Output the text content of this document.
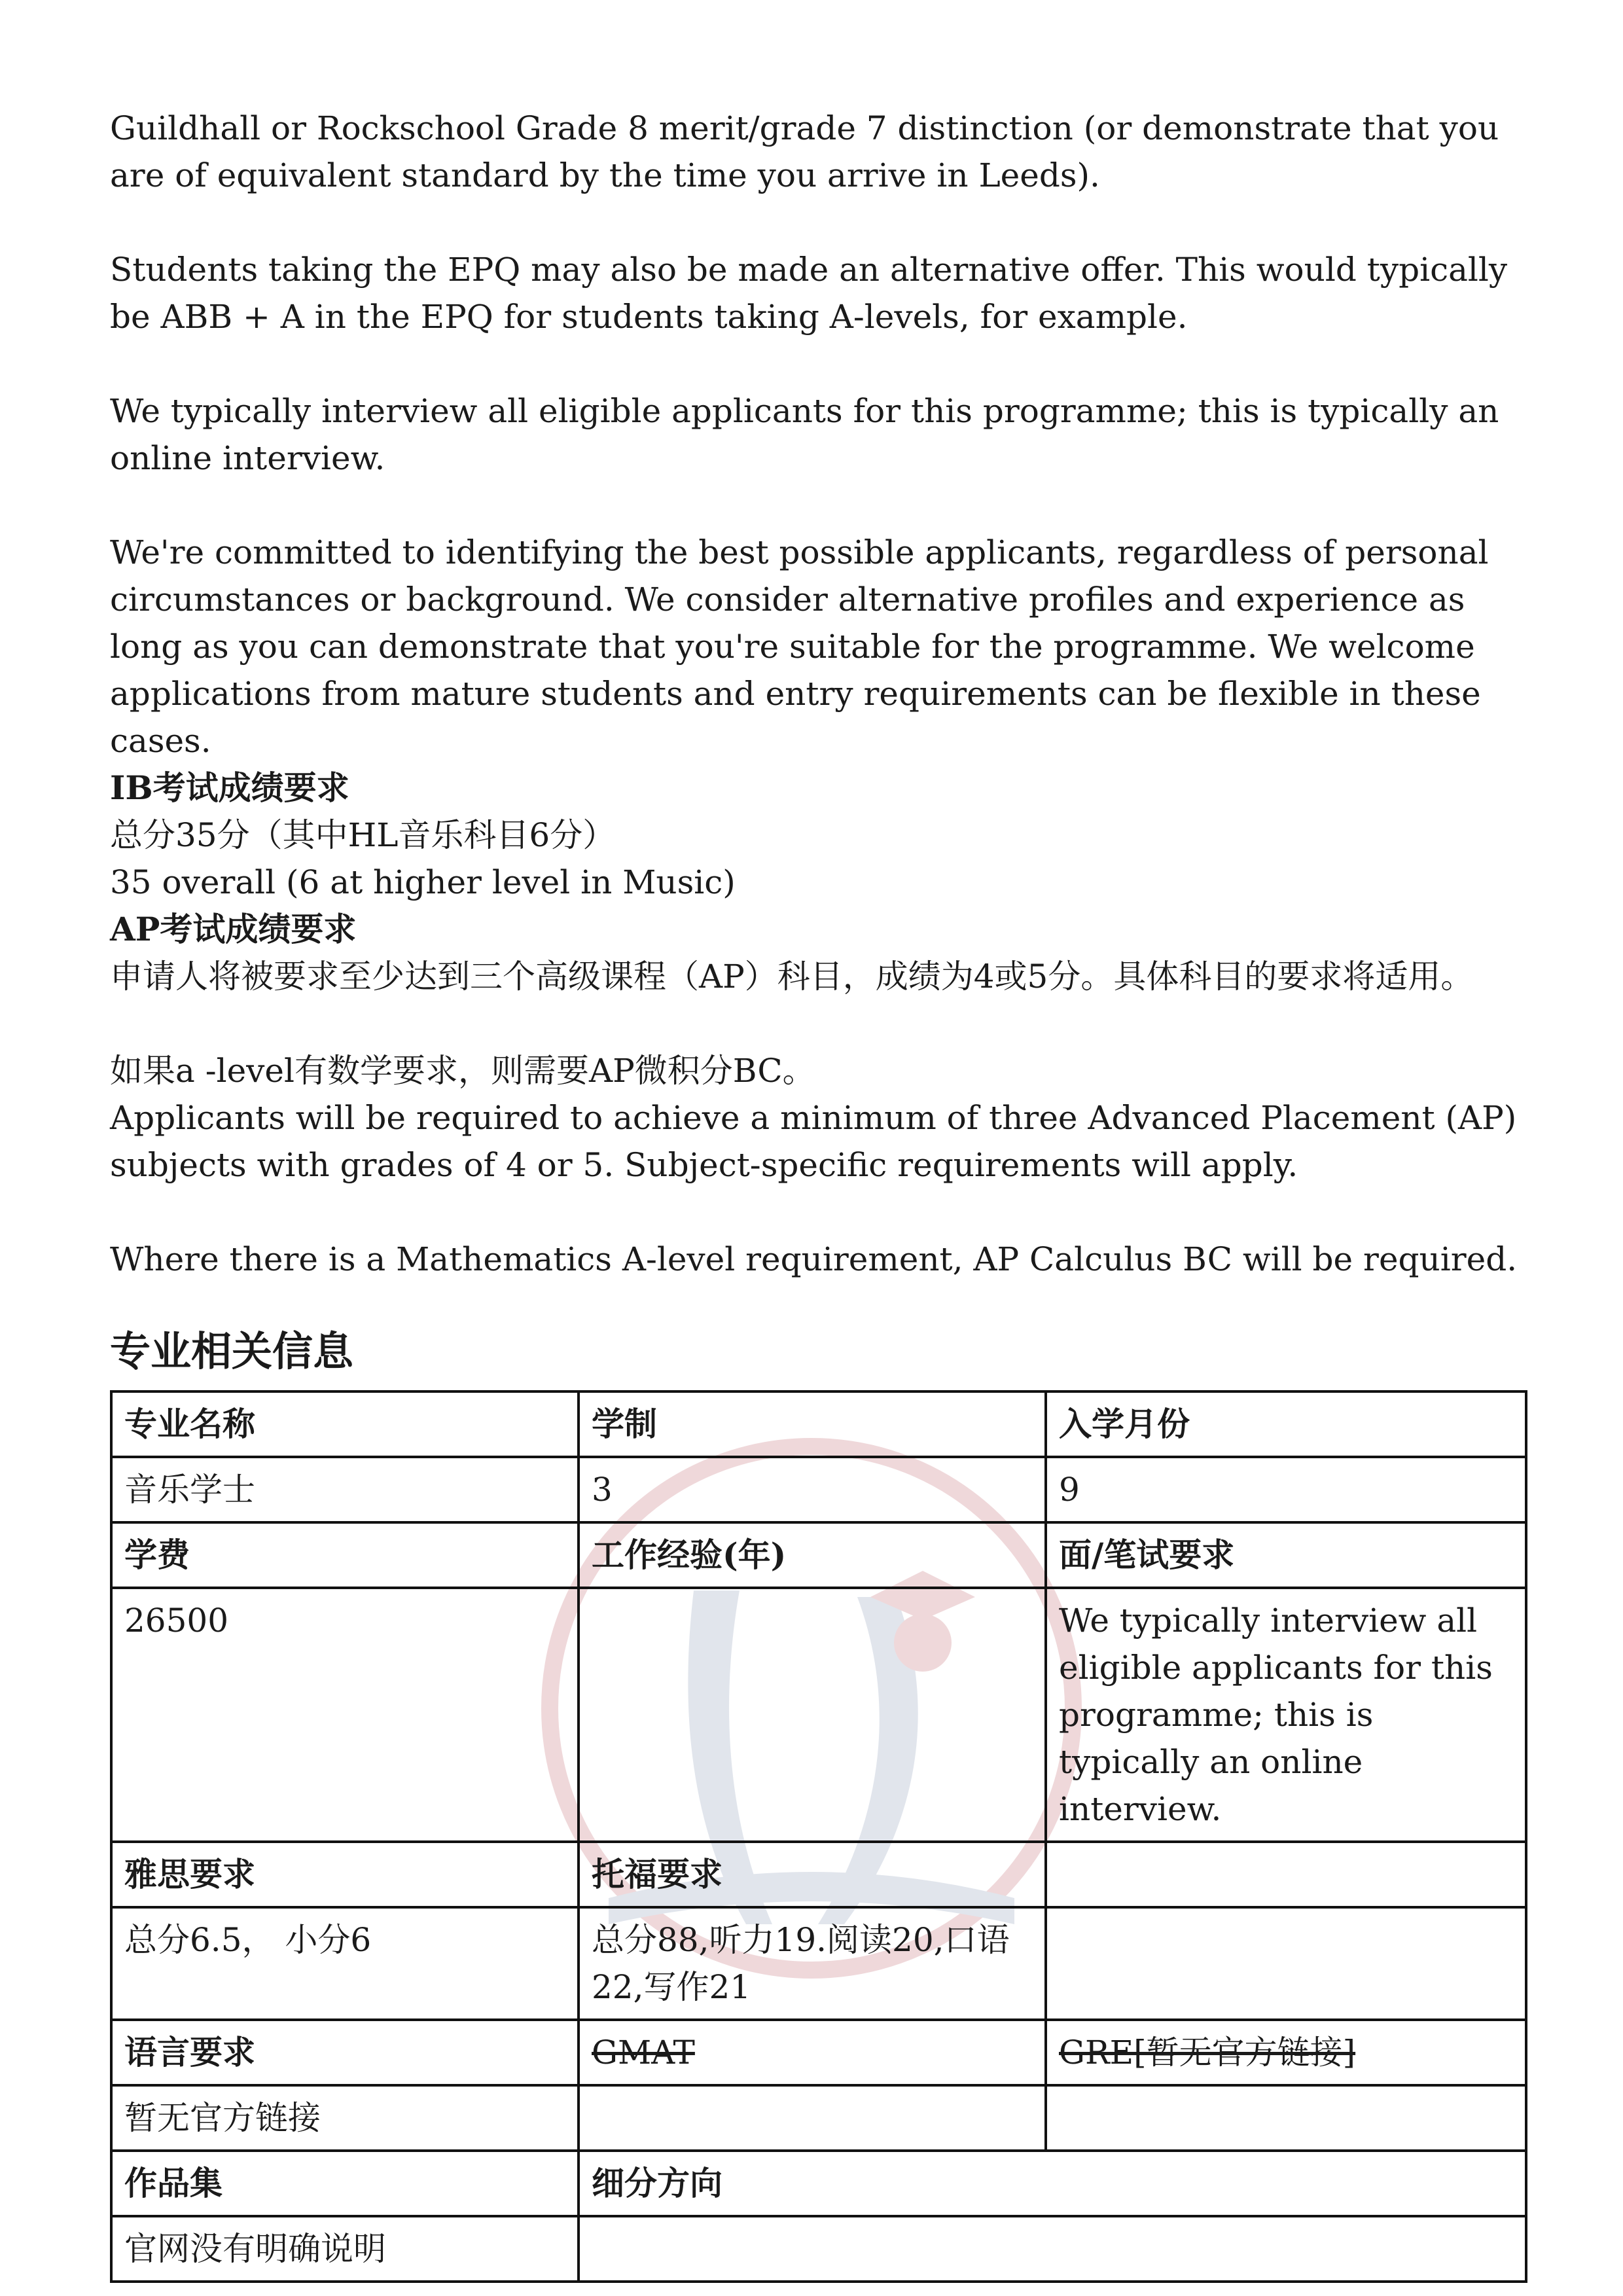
Guildhall or Rockschool Grade 8 merit/grade 7 distinction (or demonstrate that you are of equivalent standard by the time you arrive in Leeds).

Students taking the EPQ may also be made an alternative offer. This would typically be ABB + A in the EPQ for students taking A-levels, for example.

We typically interview all eligible applicants for this programme; this is typically an online interview.

We're committed to identifying the best possible applicants, regardless of personal circumstances or background. We consider alternative profiles and experience as long as you can demonstrate that you're suitable for the programme. We welcome applications from mature students and entry requirements can be flexible in these cases.

IB考试成绩要求

总分35分（其中HL音乐科目6分）

35 overall (6 at higher level in Music)

AP考试成绩要求

申请人将被要求至少达到三个高级课程（AP）科目，成绩为4或5分。具体科目的要求将适用。

如果a -level有数学要求，则需要AP微积分BC。

Applicants will be required to achieve a minimum of three Advanced Placement (AP) subjects with grades of 4 or 5. Subject-specific requirements will apply.

Where there is a Mathematics A-level requirement, AP Calculus BC will be required.

专业相关信息
专业名称	学制	入学月份
音乐学士	3	9
学费	工作经验(年)	面/笔试要求
26500		We typically interview all eligible applicants for this programme; this is typically an online interview.
雅思要求	托福要求	
总分6.5， 小分6	总分88,听力19.阅读20,口语22,写作21	
语言要求	GMAT	GRE[暂无官方链接]
暂无官方链接		
作品集	细分方向	
官网没有明确说明		
